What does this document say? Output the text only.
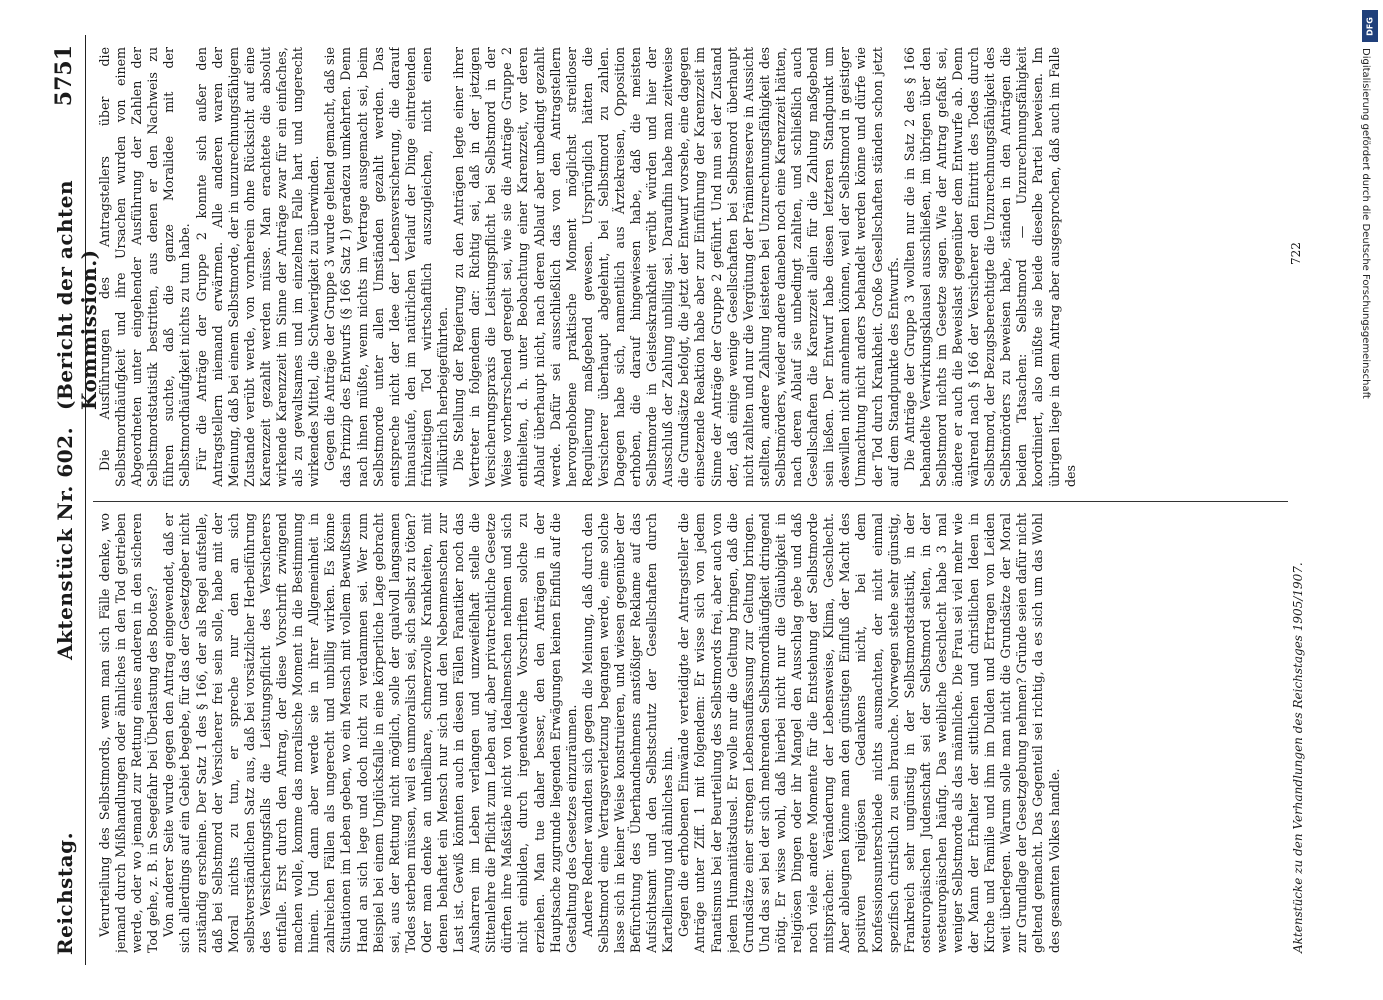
Reichstag.
Aktenstück Nr. 602.
(Bericht der achten Kommission.)
5751

Verurteilung des Selbstmords, wenn man sich Fälle denke, wo jemand durch Mißhandlungen oder ähnliches in den Tod getrieben werde, oder wo jemand zur Rettung eines anderen in den sicheren Tod gehe, z. B. in Seegefahr bei Überlastung des Bootes? Von anderer Seite wurde gegen den Antrag eingewendet, daß er sich allerdings auf ein Gebiet begebe, für das der Gesetzgeber nicht zuständig erscheine. Der Satz 1 des § 166, der als Regel aufstelle, daß bei Selbstmord der Versicherer frei sein solle, habe mit der Moral nichts zu tun, er spreche nur den an sich selbstverständlichen Satz aus, daß bei vorsätzlicher Herbeiführung des Versicherungsfalls die Leistungspflicht des Versicherers entfalle. Erst durch den Antrag, der diese Vorschrift zwingend machen wolle, komme das moralische Moment in die Bestimmung hinein. Und dann aber werde sie in ihrer Allgemeinheit in zahlreichen Fällen als ungerecht und unbillig wirken. Es könne Situationen im Leben geben, wo ein Mensch mit vollem Bewußtsein Hand an sich lege und doch nicht zu verdammen sei. Wer zum Beispiel bei einem Unglücksfalle in eine körperliche Lage gebracht sei, aus der Rettung nicht möglich, solle der qualvoll langsamen Todes sterben müssen, weil es unmoralisch sei, sich selbst zu töten? Oder man denke an unheilbare, schmerzvolle Krankheiten, mit denen behaftet ein Mensch nur sich und den Nebenmenschen zur Last ist. Gewiß könnten auch in diesen Fällen Fanatiker noch das Ausharren im Leben verlangen und unzweifelhaft stelle die Sittenlehre die Pflicht zum Leben auf, aber privatrechtliche Gesetze dürften ihre Maßstäbe nicht von Idealmenschen nehmen und sich nicht einbilden, durch irgendwelche Vorschriften solche zu erziehen. Man tue daher besser, den den Anträgen in der Hauptsache zugrunde liegenden Erwägungen keinen Einfluß auf die Gestaltung des Gesetzes einzuräumen. Andere Redner wandten sich gegen die Meinung, daß durch den Selbstmord eine Vertragsverletzung begangen werde, eine solche lasse sich in keiner Weise konstruieren, und wiesen gegenüber der Befürchtung des Überhandnehmens anstößiger Reklame auf das Aufsichtsamt und den Selbstschutz der Gesellschaften durch Kartellierung und ähnliches hin. Gegen die erhobenen Einwände verteidigte der Antragsteller die Anträge unter Ziff. 1 mit folgendem: Er wisse sich von jedem Fanatismus bei der Beurteilung des Selbstmords frei, aber auch von jedem Humanitätsdusel. Er wolle nur die Geltung bringen, daß die Grundsätze einer strengen Lebensauffassung zur Geltung bringen. Und das sei bei der sich mehrenden Selbstmordhäufigkeit dringend nötig. Er wisse wohl, daß hierbei nicht nur die Gläubigkeit in religiösen Dingen oder ihr Mangel den Ausschlag gebe und daß noch viele andere Momente für die Entstehung der Selbstmorde mitsprächen: Veränderung der Lebensweise, Klima, Geschlecht. Aber ableugnen könne man den günstigen Einfluß der Macht des positiven religiösen Gedankens nicht, bei dem Konfessionsunterschiede nichts ausmachten, der nicht einmal spezifisch christlich zu sein brauche. Norwegen stehe sehr günstig, Frankreich sehr ungünstig in der Selbstmordstatistik, in der osteuropäischen Judenschaft sei der Selbstmord selten, in der westeuropäischen häufig. Das weibliche Geschlecht habe 3 mal weniger Selbstmorde als das männliche. Die Frau sei viel mehr wie der Mann der Erhalter der sittlichen und christlichen Ideen in Kirche und Familie und ihm im Dulden und Ertragen von Leiden weit überlegen. Warum solle man nicht die Grundsätze der Moral zur Grundlage der Gesetzgebung nehmen? Gründe seien dafür nicht geltend gemacht. Das Gegenteil sei richtig, da es sich um das Wohl des gesamten Volkes handle.

Die Ausführungen des Antragstellers über die Selbstmordhäufigkeit und ihre Ursachen wurden von einem Abgeordneten unter eingehender Ausführung der Zahlen der Selbstmordstatistik bestritten, aus denen er den Nachweis zu führen suchte, daß die ganze Moralidee mit der Selbstmordhäufigkeit nichts zu tun habe. Für die Anträge der Gruppe 2 konnte sich außer den Antragstellern niemand erwärmen. Alle anderen waren der Meinung, daß bei einem Selbstmorde, der in unzurechnungsfähigem Zustande verübt werde, von vornherein ohne Rücksicht auf eine Karenzzeit gezahlt werden müsse. Man erachtete die absolut wirkende Karenzzeit im Sinne der Anträge zwar für ein einfaches, als zu gewaltsames und im einzelnen Falle hart und ungerecht wirkendes Mittel, die Schwierigkeit zu überwinden. Gegen die Anträge der Gruppe 3 wurde geltend gemacht, daß sie das Prinzip des Entwurfs (§ 166 Satz 1) geradezu umkehrten. Denn nach ihnen müßte, wenn nichts im Vertrage ausgemacht sei, beim Selbstmorde unter allen Umständen gezahlt werden. Das entspreche nicht der Idee der Lebensversicherung, die darauf hinauslaufe, den im natürlichen Verlauf der Dinge eintretenden frühzeitigen Tod wirtschaftlich auszugleichen, nicht einen willkürlich herbeigeführten. Die Stellung der Regierung zu den Anträgen legte einer ihrer Vertreter in folgendem dar: Richtig sei, daß in der jetzigen Versicherungspraxis die Leistungspflicht bei Selbstmord in der Weise vorherrschend geregelt sei, wie sie die Anträge Gruppe 2 enthielten, d. h. unter Beobachtung einer Karenzzeit, vor deren Ablauf überhaupt nicht, nach deren Ablauf aber unbedingt gezahlt werde. Dafür sei ausschließlich das von den Antragstellern hervorgehobene praktische Moment möglichst streitloser Regulierung maßgebend gewesen. Ursprünglich hätten die Versicherer überhaupt abgelehnt, bei Selbstmord zu zahlen. Dagegen habe sich, namentlich aus Ärztekreisen, Opposition erhoben, die darauf hingewiesen habe, daß die meisten Selbstmorde in Geisteskrankheit verübt würden und hier der Ausschluß der Zahlung unbillig sei. Daraufhin habe man zeitweise die Grundsätze befolgt, die jetzt der Entwurf vorsehe, eine dagegen einsetzende Reaktion habe aber zur Einführung der Karenzzeit im Sinne der Anträge der Gruppe 2 geführt. Und nun sei der Zustand der, daß einige wenige Gesellschaften bei Selbstmord überhaupt nicht zahlten und nur die Vergütung der Prämienreserve in Aussicht stellten, andere Zahlung leisteten bei Unzurechnungsfähigkeit des Selbstmörders, wieder andere daneben noch eine Karenzzeit hätten, nach deren Ablauf sie unbedingt zahlten, und schließlich auch Gesellschaften die Karenzzeit allein für die Zahlung maßgebend sein ließen. Der Entwurf habe diesen letzteren Standpunkt um deswillen nicht annehmen können, weil der Selbstmord in geistiger Umnachtung nicht anders behandelt werden könne und dürfe wie der Tod durch Krankheit. Große Gesellschaften ständen schon jetzt auf dem Standpunkte des Entwurfs. Die Anträge der Gruppe 3 wollten nur die in Satz 2 des § 166 behandelte Verwirkungsklausel ausschließen, im übrigen über den Selbstmord nichts im Gesetze sagen. Wie der Antrag gefaßt sei, ändere er auch die Beweislast gegenüber dem Entwurfe ab. Denn während nach § 166 der Versicherer den Eintritt des Todes durch Selbstmord, der Bezugsberechtigte die Unzurechnungsfähigkeit des Selbstmörders zu beweisen habe, ständen in den Anträgen die beiden Tatsachen: Selbstmord — Unzurechnungsfähigkeit koordiniert, also müßte sie beide dieselbe Partei beweisen. Im übrigen liege in dem Antrag aber ausgesprochen, daß auch im Falle des

Aktenstücke zu den Verhandlungen des Reichstages 1905/1907.
722
DFG
Digitalisierung gefördert durch die Deutsche Forschungsgemeinschaft
